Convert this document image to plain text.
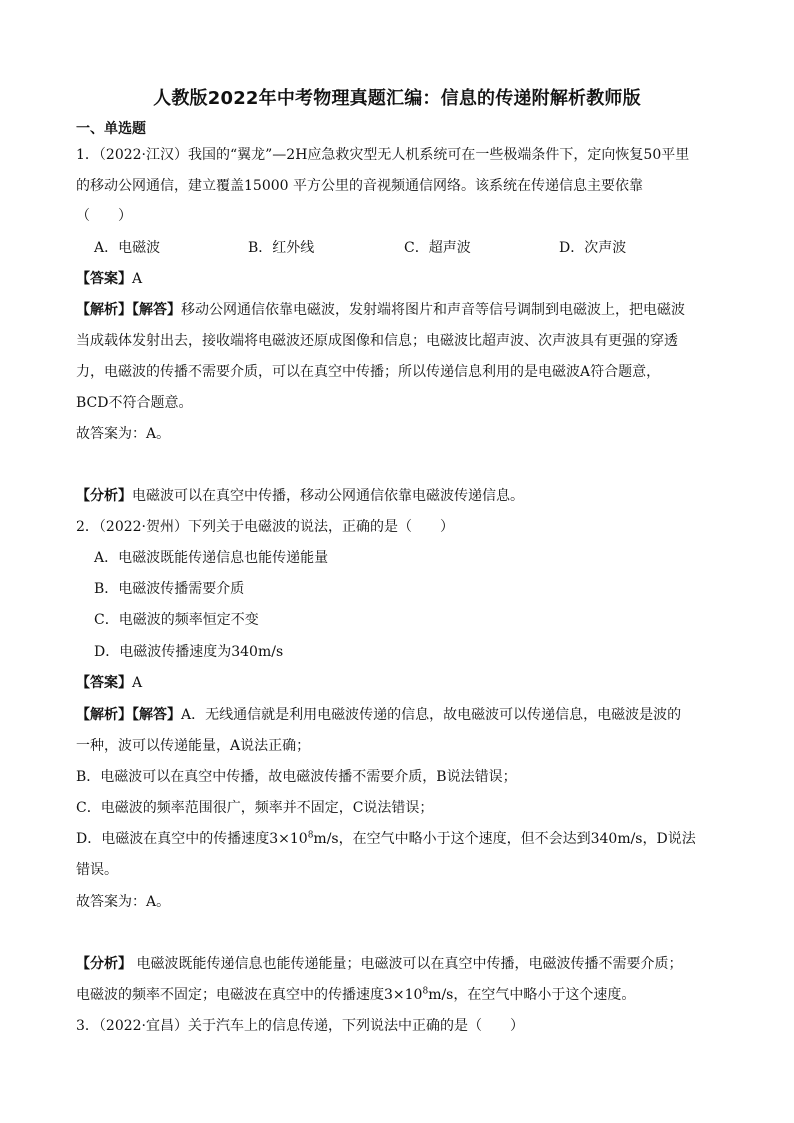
人教版2022年中考物理真题汇编：信息的传递附解析教师版
一、单选题
1．（2022·江汉）我国的“翼龙”—2H应急救灾型无人机系统可在一些极端条件下，定向恢复50平里
的移动公网通信，建立覆盖15000 平方公里的音视频通信网络。该系统在传递信息主要依靠
（　　）
A．电磁波	B．红外线	C．超声波	D．次声波
【答案】A
【解析】【解答】移动公网通信依靠电磁波，发射端将图片和声音等信号调制到电磁波上，把电磁波
当成载体发射出去，接收端将电磁波还原成图像和信息；电磁波比超声波、次声波具有更强的穿透
力，电磁波的传播不需要介质，可以在真空中传播；所以传递信息利用的是电磁波A符合题意，
BCD不符合题意。
故答案为：A。
【分析】电磁波可以在真空中传播，移动公网通信依靠电磁波传递信息。
2．（2022·贺州）下列关于电磁波的说法，正确的是（　　）
A．电磁波既能传递信息也能传递能量
B．电磁波传播需要介质
C．电磁波的频率恒定不变
D．电磁波传播速度为340m/s
【答案】A
【解析】【解答】A．无线通信就是利用电磁波传递的信息，故电磁波可以传递信息，电磁波是波的
一种，波可以传递能量，A说法正确；
B．电磁波可以在真空中传播，故电磁波传播不需要介质，B说法错误；
C．电磁波的频率范围很广，频率并不固定，C说法错误；
D．电磁波在真空中的传播速度$3\times 10^8m/s$，在空气中略小于这个速度，但不会达到340m/s，D说法
错误。
故答案为：A。
【分析】 电磁波既能传递信息也能传递能量；电磁波可以在真空中传播，电磁波传播不需要介质；
电磁波的频率不固定；电磁波在真空中的传播速度$3\times 10^8m/s$，在空气中略小于这个速度。
3．（2022·宜昌）关于汽车上的信息传递，下列说法中正确的是（　　）
